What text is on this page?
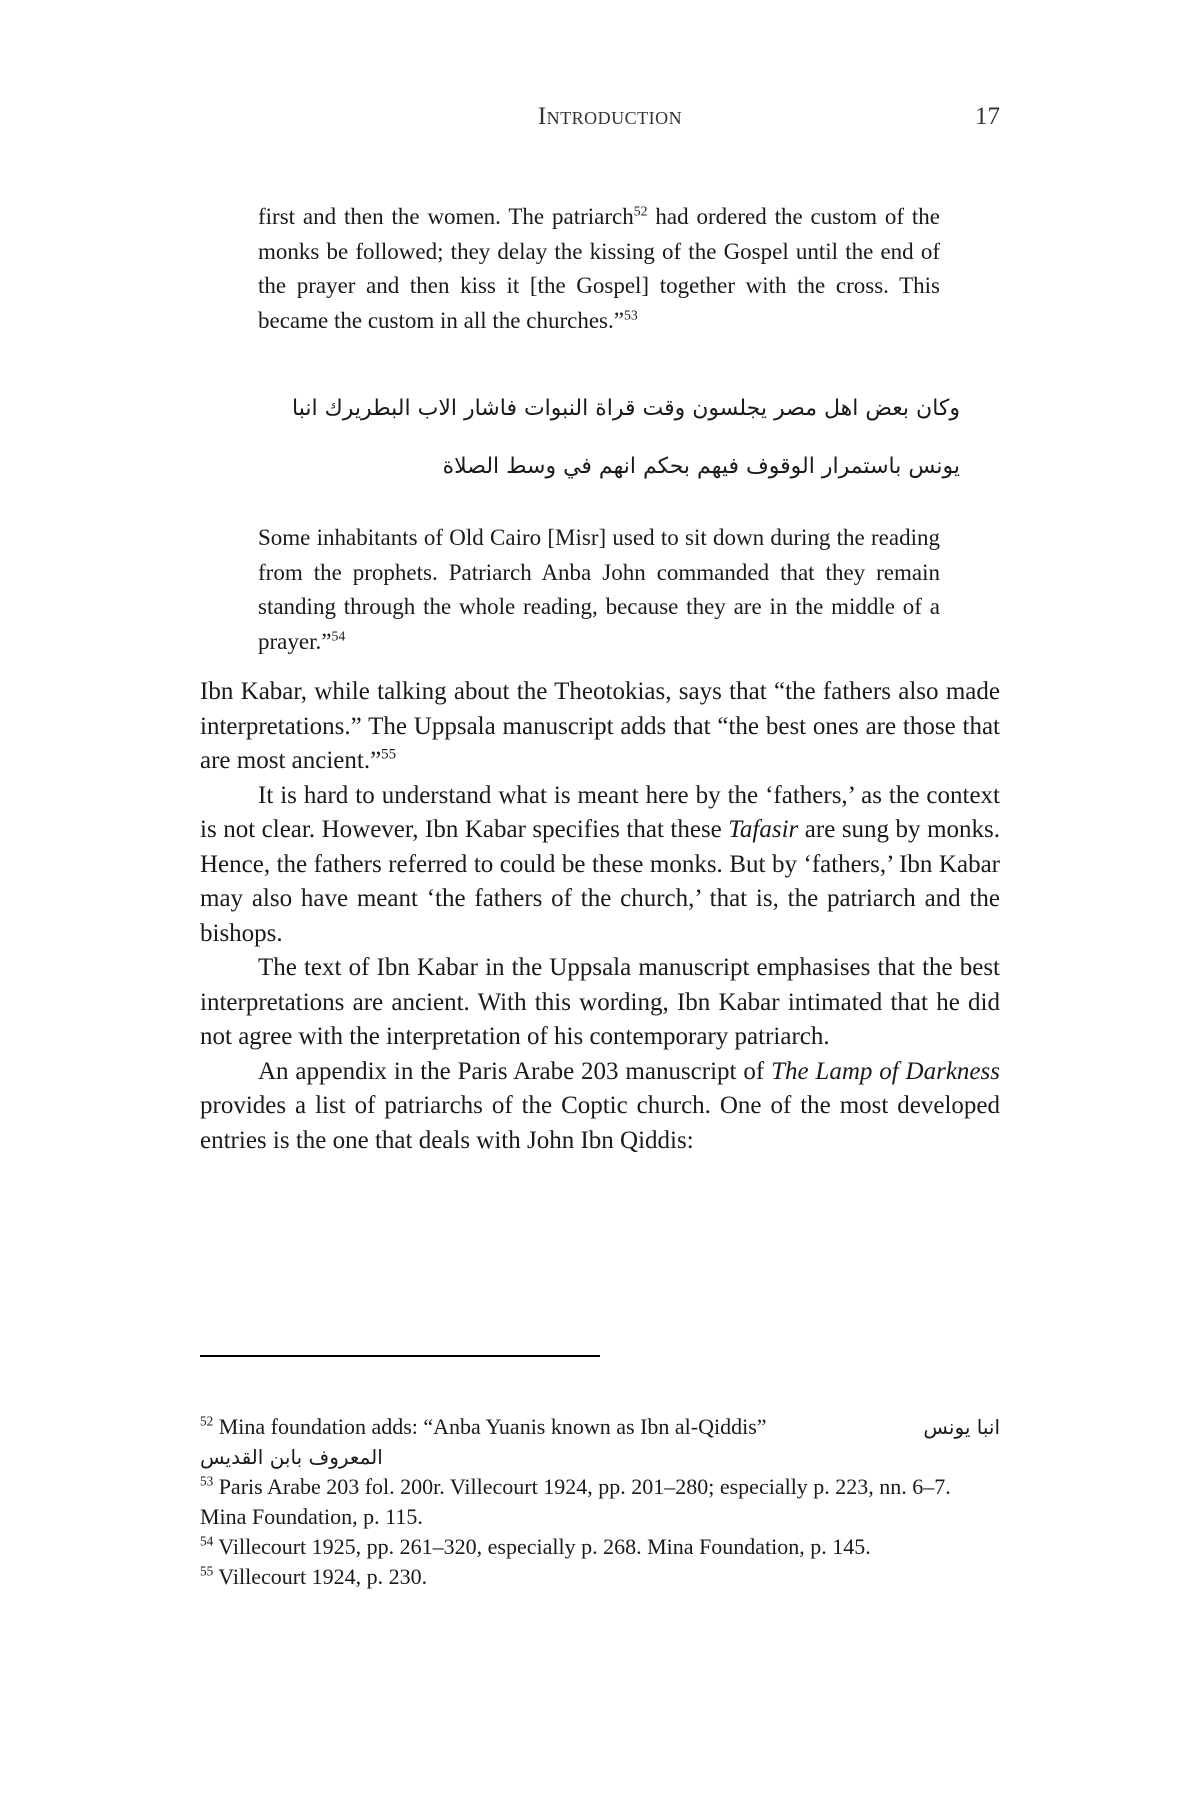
Introduction	17

first and then the women. The patriarch$^{52}$ had ordered the custom of the monks be followed; they delay the kissing of the Gospel until the end of the prayer and then kiss it [the Gospel] together with the cross. This became the custom in all the churches.”$^{53}$

وكان بعض اهل مصر يجلسون وقت قراة النبوات فاشار الاب البطريرك انبا
يونس باستمرار الوقوف فيهم بحكم انهم في وسط الصلاة

Some inhabitants of Old Cairo [Misr] used to sit down during the reading from the prophets. Patriarch Anba John commanded that they remain standing through the whole reading, because they are in the middle of a prayer.”$^{54}$

Ibn Kabar, while talking about the Theotokias, says that “the fathers also made interpretations.” The Uppsala manuscript adds that “the best ones are those that are most ancient.”$^{55}$

It is hard to understand what is meant here by the ‘fathers,’ as the context is not clear. However, Ibn Kabar specifies that these Tafasir are sung by monks. Hence, the fathers referred to could be these monks. But by ‘fathers,’ Ibn Kabar may also have meant ‘the fathers of the church,’ that is, the patriarch and the bishops.

The text of Ibn Kabar in the Uppsala manuscript emphasises that the best interpretations are ancient. With this wording, Ibn Kabar intimated that he did not agree with the interpretation of his contemporary patriarch.

An appendix in the Paris Arabe 203 manuscript of The Lamp of Darkness provides a list of patriarchs of the Coptic church. One of the most developed entries is the one that deals with John Ibn Qiddis:

$^{52}$ Mina foundation adds: “Anba Yuanis known as Ibn al-Qiddis”	انبا يونس

المعروف بابن القديس

$^{53}$ Paris Arabe 203 fol. 200r. Villecourt 1924, pp. 201–280; especially p. 223, nn. 6–7. Mina Foundation, p. 115.

$^{54}$ Villecourt 1925, pp. 261–320, especially p. 268. Mina Foundation, p. 145.

$^{55}$ Villecourt 1924, p. 230.
